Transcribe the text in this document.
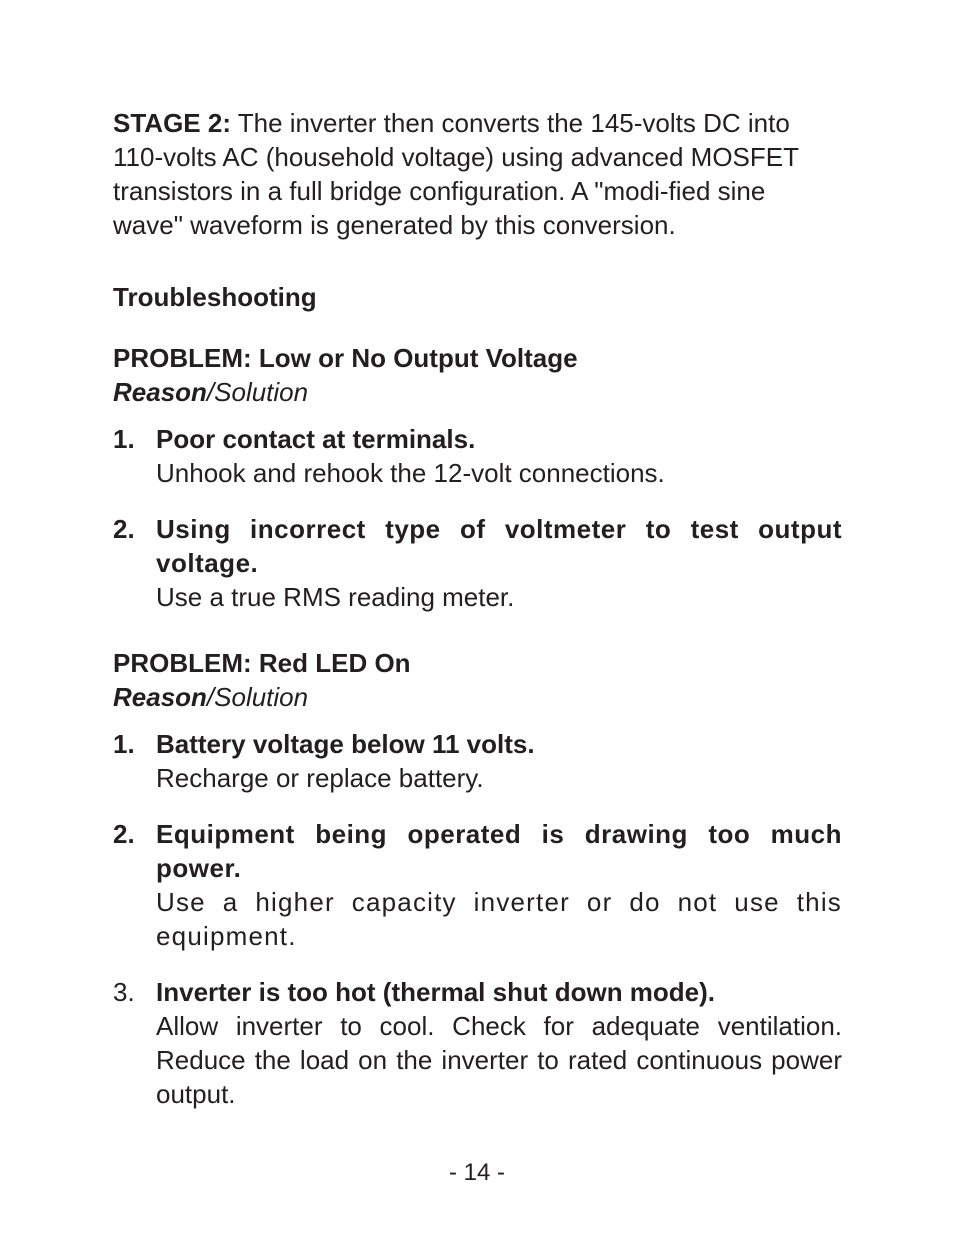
STAGE 2: The inverter then converts the 145-volts DC into 110-volts AC (household voltage) using advanced MOSFET transistors in a full bridge configuration. A "modi-fied sine wave" waveform is generated by this conversion.

Troubleshooting

PROBLEM: Low or No Output Voltage

Reason/Solution

1. Poor contact at terminals.
Unhook and rehook the 12-volt connections.
2. Using incorrect type of voltmeter to test output voltage.
Use a true RMS reading meter.

PROBLEM: Red LED On

Reason/Solution

1. Battery voltage below 11 volts.
Recharge or replace battery.
2. Equipment being operated is drawing too much power.
Use a higher capacity inverter or do not use this equipment.
3. Inverter is too hot (thermal shut down mode).
Allow inverter to cool. Check for adequate ventilation. Reduce the load on the inverter to rated continuous power output.
- 14 -
